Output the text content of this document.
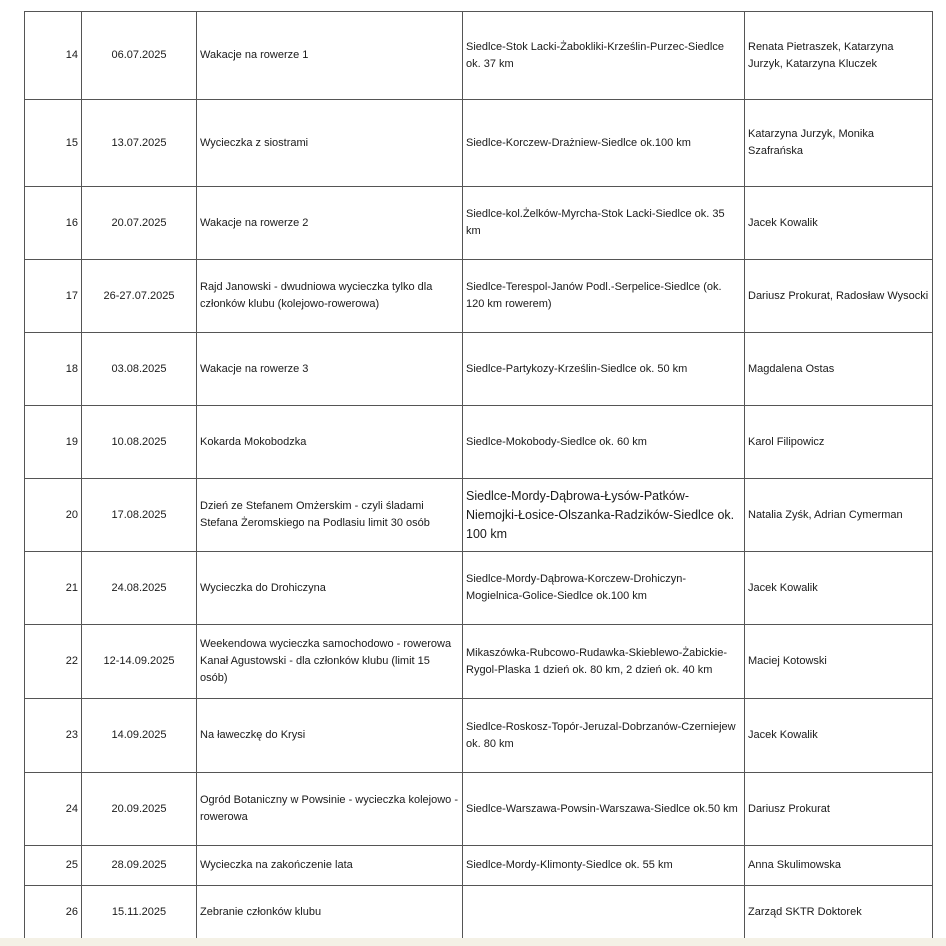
14	06.07.2025	Wakacje na rowerze 1	Siedlce-Stok Lacki-Żabokliki-Krześlin-Purzec-Siedlce ok. 37 km	Renata Pietraszek, Katarzyna Jurzyk, Katarzyna Kluczek
15	13.07.2025	Wycieczka z siostrami	Siedlce-Korczew-Drażniew-Siedlce ok.100 km	Katarzyna Jurzyk, Monika Szafrańska
16	20.07.2025	Wakacje na rowerze 2	Siedlce-kol.Żelków-Myrcha-Stok Lacki-Siedlce ok. 35 km	Jacek Kowalik
17	26-27.07.2025	Rajd Janowski - dwudniowa wycieczka tylko dla członków klubu (kolejowo-rowerowa)	Siedlce-Terespol-Janów Podl.-Serpelice-Siedlce (ok. 120 km rowerem)	Dariusz Prokurat, Radosław Wysocki
18	03.08.2025	Wakacje na rowerze 3	Siedlce-Partykozy-Krześlin-Siedlce ok. 50 km	Magdalena Ostas
19	10.08.2025	Kokarda Mokobodzka	Siedlce-Mokobody-Siedlce ok. 60 km	Karol Filipowicz
20	17.08.2025	Dzień ze Stefanem Omżerskim - czyli śladami Stefana Żeromskiego na Podlasiu limit 30 osób	Siedlce-Mordy-Dąbrowa-Łysów-Patków-Niemojki-Łosice-Olszanka-Radzików-Siedlce ok. 100 km	Natalia Zyśk, Adrian Cymerman
21	24.08.2025	Wycieczka do Drohiczyna	Siedlce-Mordy-Dąbrowa-Korczew-Drohiczyn-Mogielnica-Golice-Siedlce ok.100 km	Jacek Kowalik
22	12-14.09.2025	Weekendowa wycieczka samochodowo - rowerowa Kanał Agustowski - dla członków klubu (limit 15 osób)	Mikaszówka-Rubcowo-Rudawka-Skieblewo-Żabickie-Rygol-Plaska 1 dzień ok. 80 km, 2 dzień ok. 40 km	Maciej Kotowski
23	14.09.2025	Na ławeczkę do Krysi	Siedlce-Roskosz-Topór-Jeruzal-Dobrzanów-Czerniejew ok. 80 km	Jacek Kowalik
24	20.09.2025	Ogród Botaniczny w Powsinie - wycieczka kolejowo - rowerowa	Siedlce-Warszawa-Powsin-Warszawa-Siedlce ok.50 km	Dariusz Prokurat
25	28.09.2025	Wycieczka na zakończenie lata	Siedlce-Mordy-Klimonty-Siedlce ok. 55 km	Anna Skulimowska
26	15.11.2025	Zebranie członków klubu		Zarząd SKTR Doktorek
